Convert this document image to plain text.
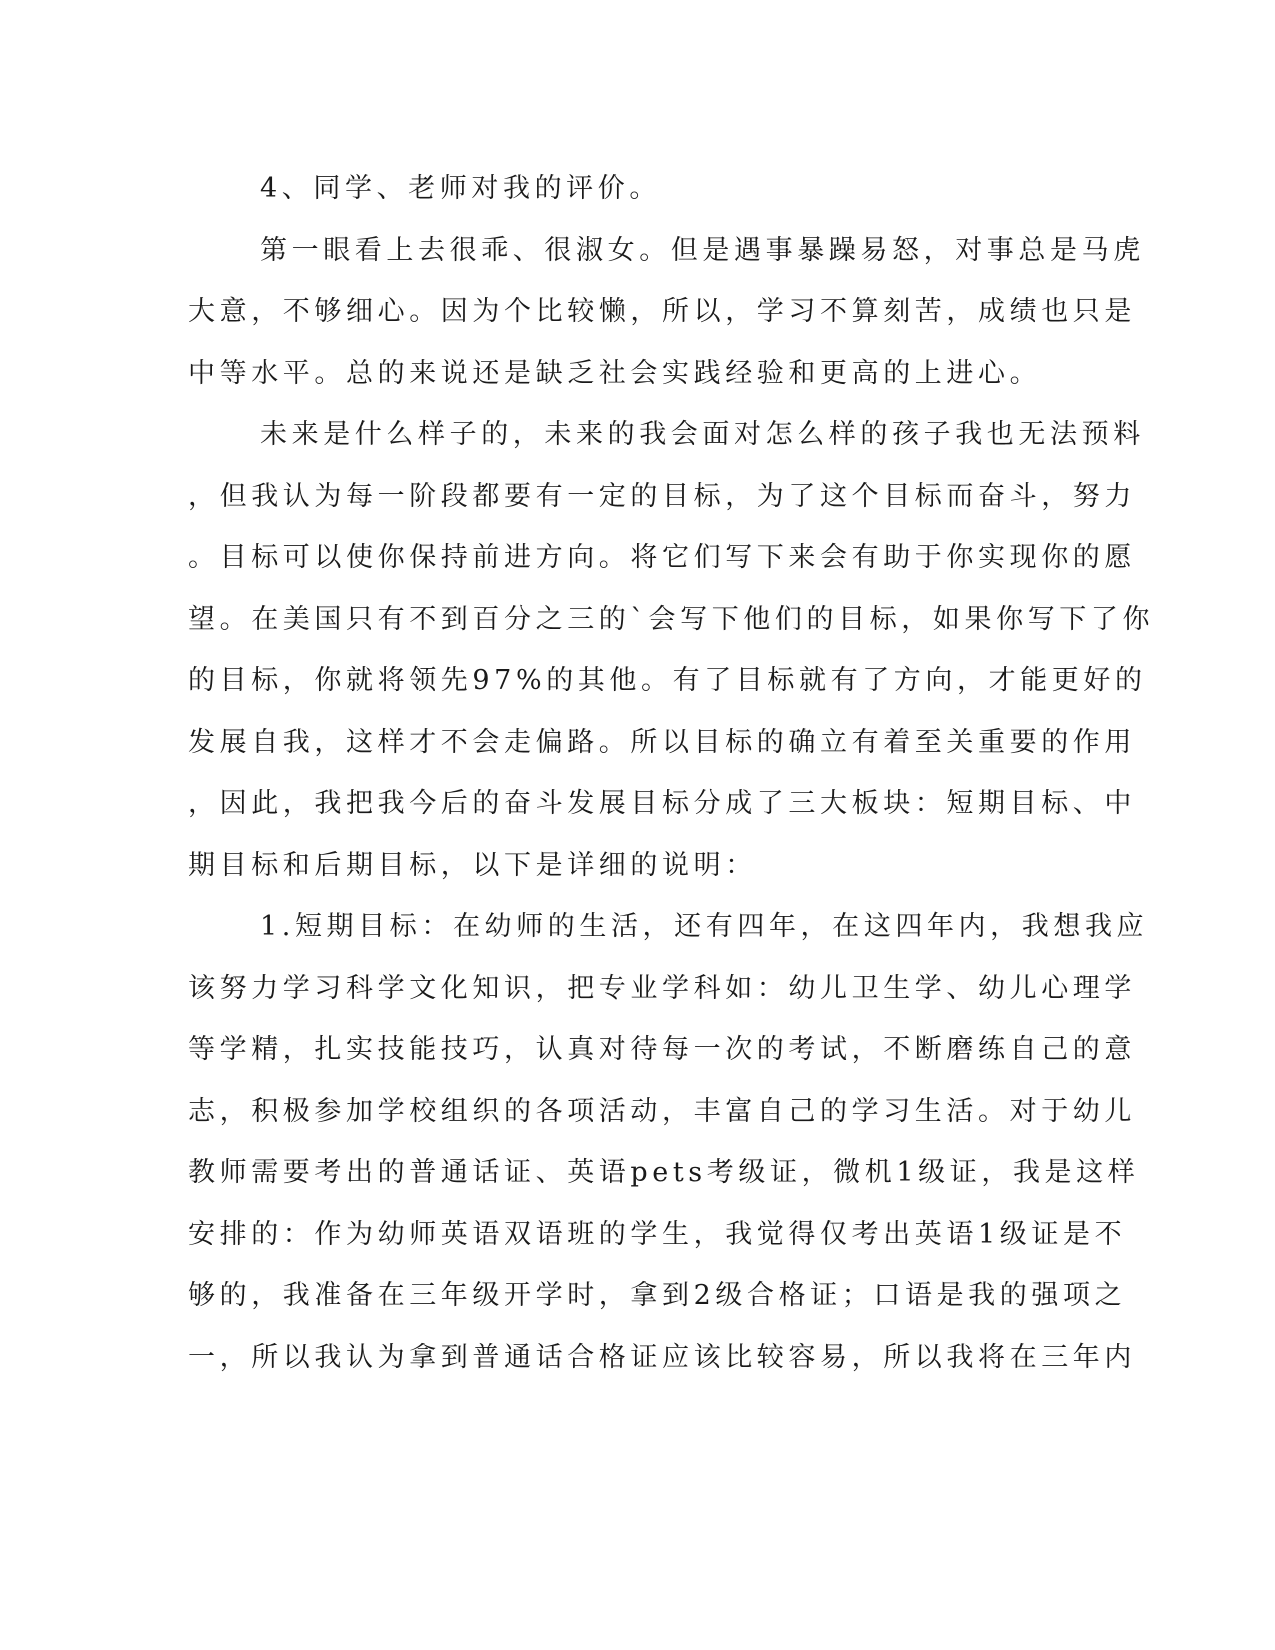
4、同学、老师对我的评价。
第一眼看上去很乖、很淑女。但是遇事暴躁易怒，对事总是马虎
大意，不够细心。因为个比较懒，所以，学习不算刻苦，成绩也只是
中等水平。总的来说还是缺乏社会实践经验和更高的上进心。
未来是什么样子的，未来的我会面对怎么样的孩子我也无法预料
，但我认为每一阶段都要有一定的目标，为了这个目标而奋斗，努力
。目标可以使你保持前进方向。将它们写下来会有助于你实现你的愿
望。在美国只有不到百分之三的`会写下他们的目标，如果你写下了你
的目标，你就将领先97%的其他。有了目标就有了方向，才能更好的
发展自我，这样才不会走偏路。所以目标的确立有着至关重要的作用
，因此，我把我今后的奋斗发展目标分成了三大板块：短期目标、中
期目标和后期目标，以下是详细的说明：
1.短期目标：在幼师的生活，还有四年，在这四年内，我想我应
该努力学习科学文化知识，把专业学科如：幼儿卫生学、幼儿心理学
等学精，扎实技能技巧，认真对待每一次的考试，不断磨练自己的意
志，积极参加学校组织的各项活动，丰富自己的学习生活。对于幼儿
教师需要考出的普通话证、英语pets考级证，微机1级证，我是这样
安排的：作为幼师英语双语班的学生，我觉得仅考出英语1级证是不
够的，我准备在三年级开学时，拿到2级合格证；口语是我的强项之
一，所以我认为拿到普通话合格证应该比较容易，所以我将在三年内
